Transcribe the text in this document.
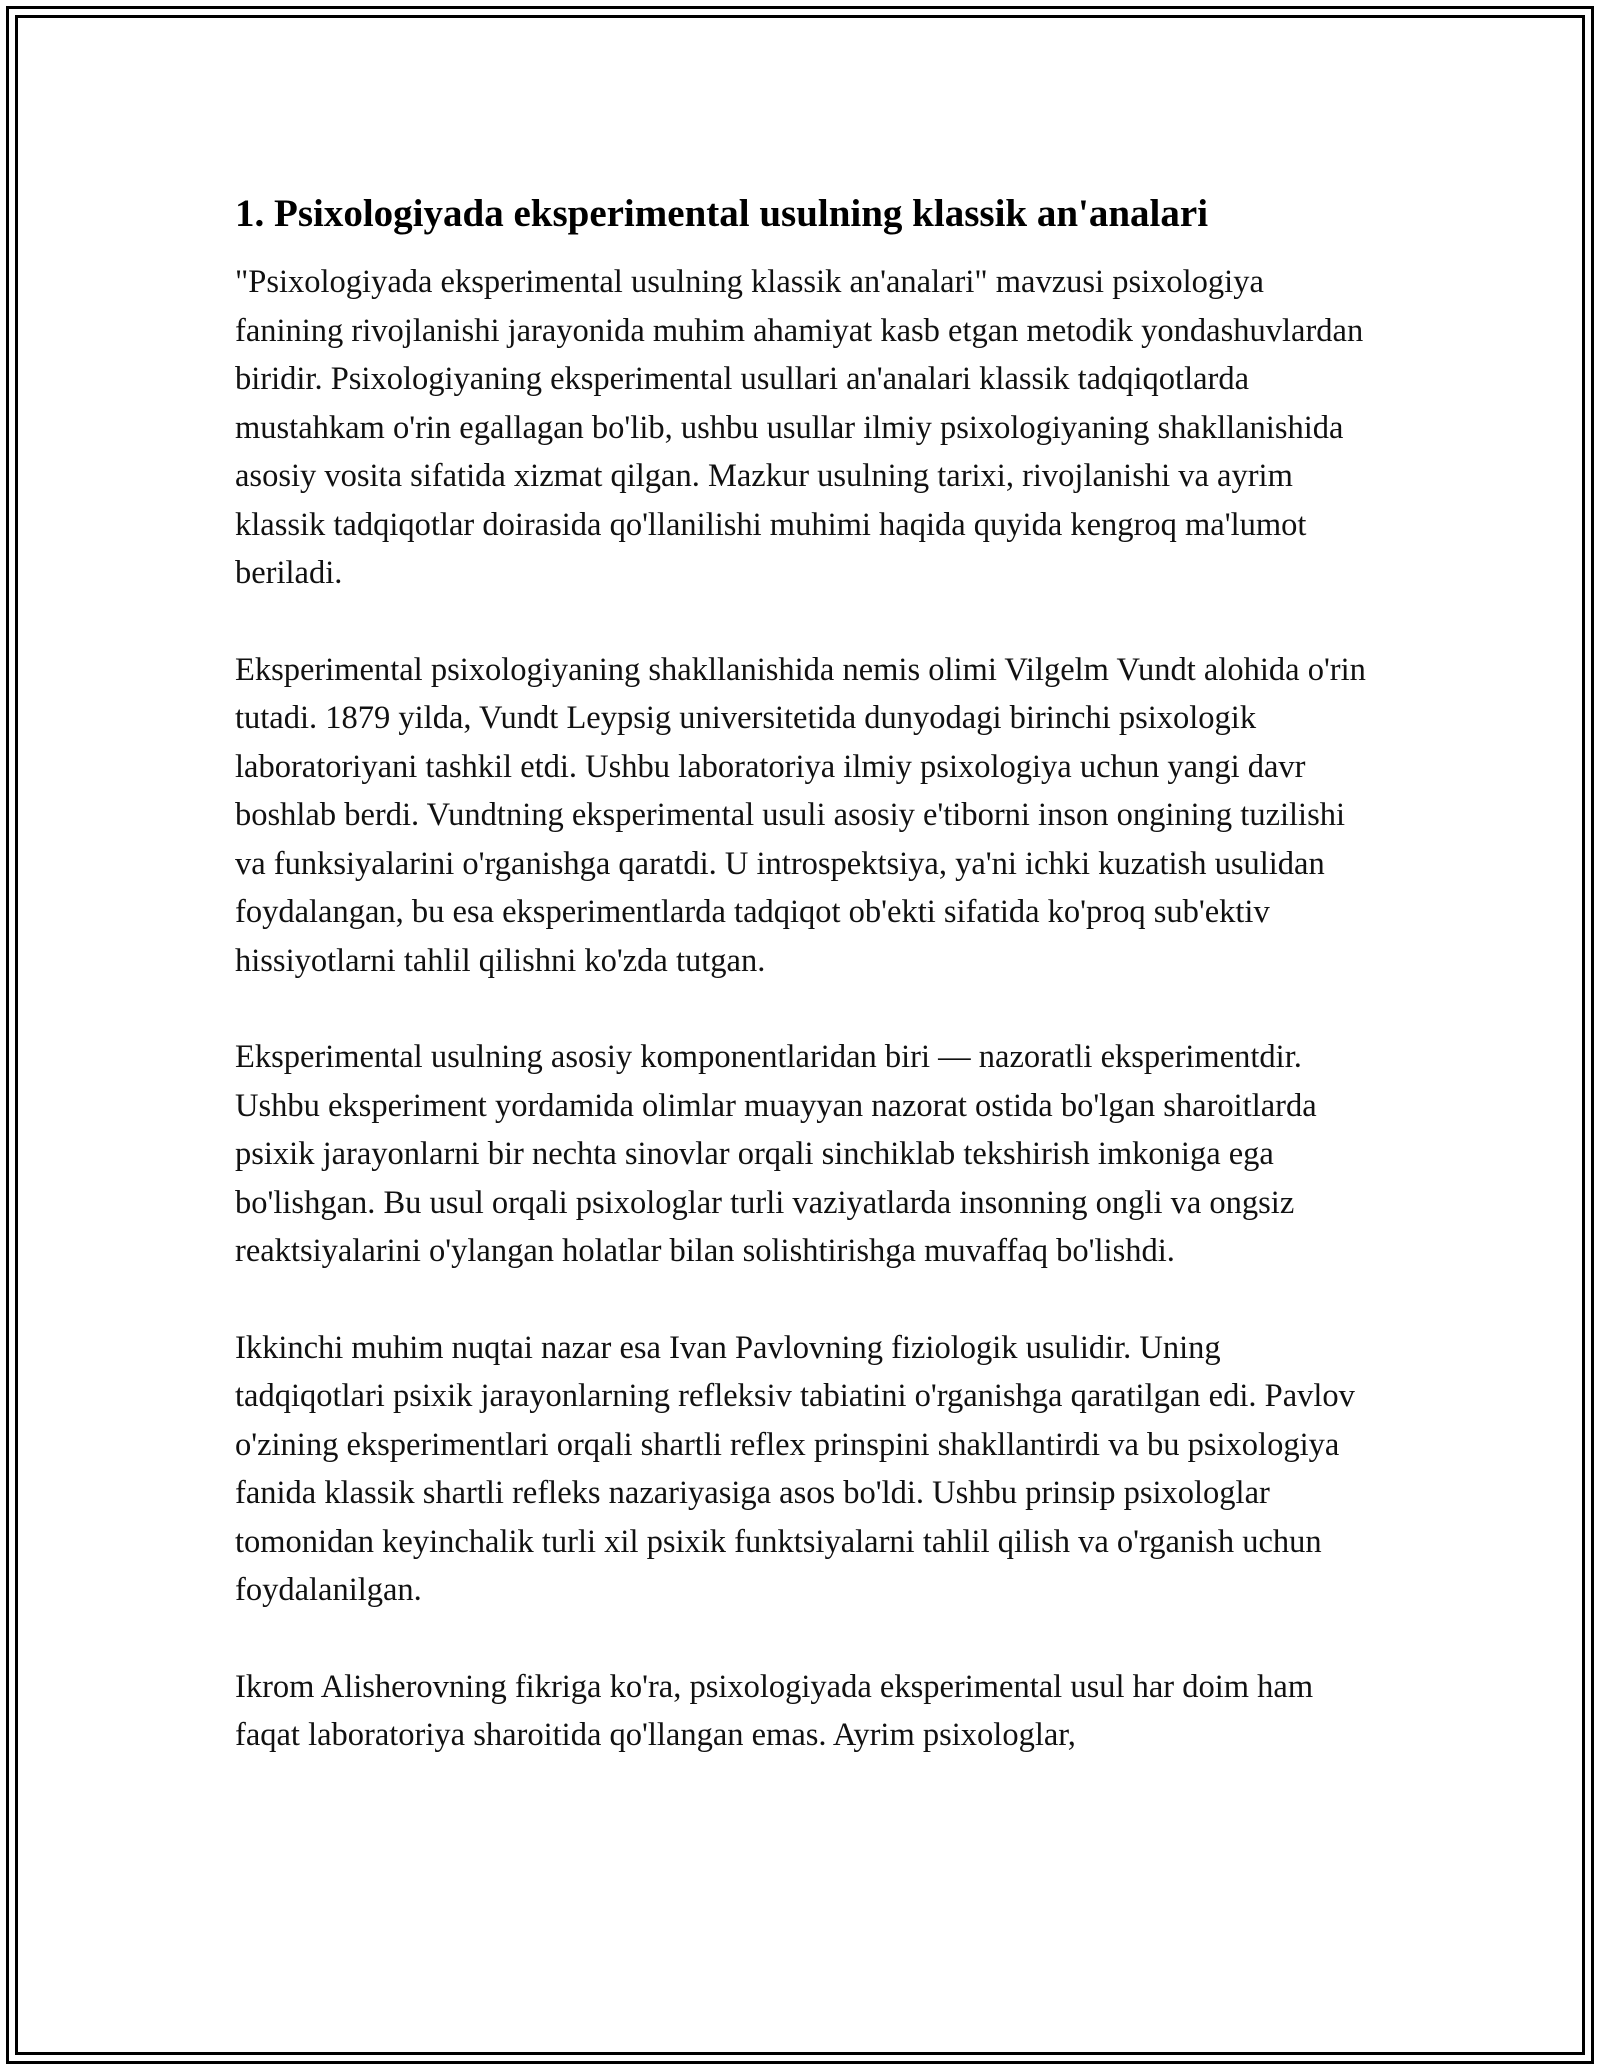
1. Psixologiyada eksperimental usulning klassik an'analari

"Psixologiyada eksperimental usulning klassik an'analari" mavzusi psixologiya fanining rivojlanishi jarayonida muhim ahamiyat kasb etgan metodik yondashuvlardan biridir. Psixologiyaning eksperimental usullari an'analari klassik tadqiqotlarda mustahkam o'rin egallagan bo'lib, ushbu usullar ilmiy psixologiyaning shakllanishida asosiy vosita sifatida xizmat qilgan. Mazkur usulning tarixi, rivojlanishi va ayrim klassik tadqiqotlar doirasida qo'llanilishi muhimi haqida quyida kengroq ma'lumot beriladi.

Eksperimental psixologiyaning shakllanishida nemis olimi Vilgelm Vundt alohida o'rin tutadi. 1879 yilda, Vundt Leypsig universitetida dunyodagi birinchi psixologik laboratoriyani tashkil etdi. Ushbu laboratoriya ilmiy psixologiya uchun yangi davr boshlab berdi. Vundtning eksperimental usuli asosiy e'tiborni inson ongining tuzilishi va funksiyalarini o'rganishga qaratdi. U introspektsiya, ya'ni ichki kuzatish usulidan foydalangan, bu esa eksperimentlarda tadqiqot ob'ekti sifatida ko'proq sub'ektiv hissiyotlarni tahlil qilishni ko'zda tutgan.

Eksperimental usulning asosiy komponentlaridan biri — nazoratli eksperimentdir. Ushbu eksperiment yordamida olimlar muayyan nazorat ostida bo'lgan sharoitlarda psixik jarayonlarni bir nechta sinovlar orqali sinchiklab tekshirish imkoniga ega bo'lishgan. Bu usul orqali psixologlar turli vaziyatlarda insonning ongli va ongsiz reaktsiyalarini o'ylangan holatlar bilan solishtirishga muvaffaq bo'lishdi.

Ikkinchi muhim nuqtai nazar esa Ivan Pavlovning fiziologik usulidir. Uning tadqiqotlari psixik jarayonlarning refleksiv tabiatini o'rganishga qaratilgan edi. Pavlov o'zining eksperimentlari orqali shartli reflex prinspini shakllantirdi va bu psixologiya fanida klassik shartli refleks nazariyasiga asos bo'ldi. Ushbu prinsip psixologlar tomonidan keyinchalik turli xil psixik funktsiyalarni tahlil qilish va o'rganish uchun foydalanilgan.

Ikrom Alisherovning fikriga ko'ra, psixologiyada eksperimental usul har doim ham faqat laboratoriya sharoitida qo'llangan emas. Ayrim psixologlar,
